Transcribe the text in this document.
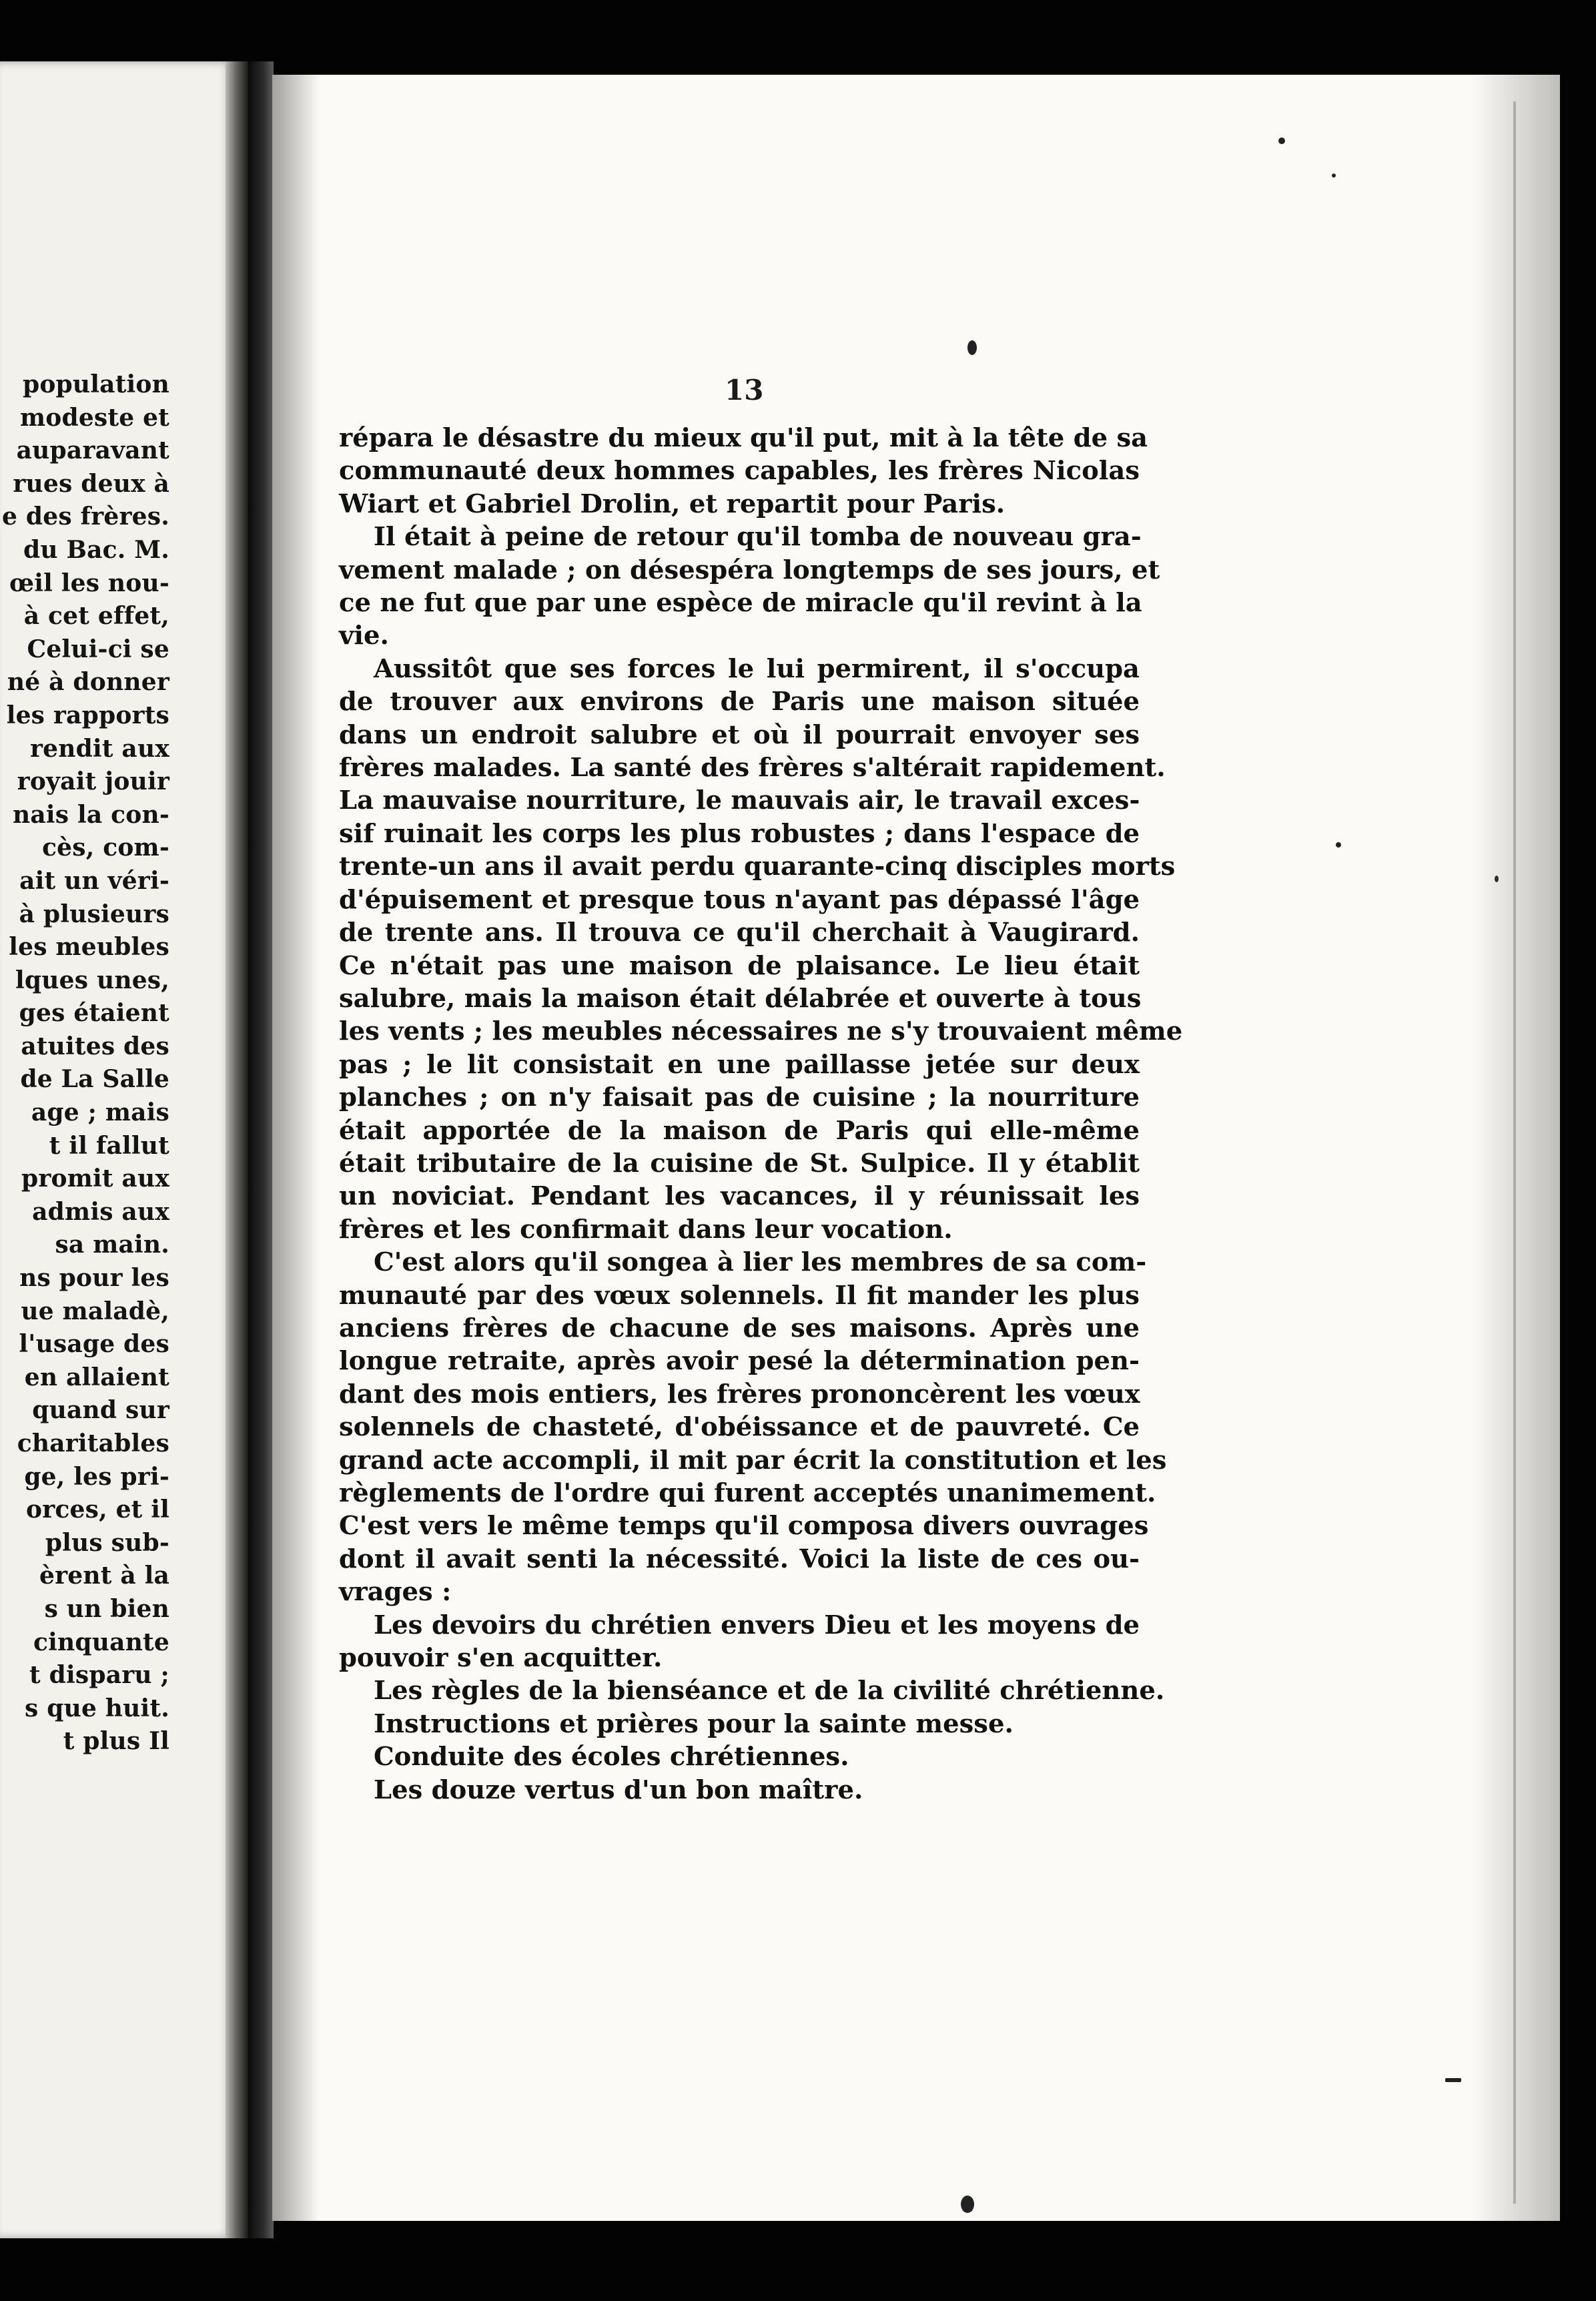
population
modeste et
auparavant
rues deux à
e des frères.
du Bac. M.
œil les nou-
à cet effet,
Celui-ci se
né à donner
les rapports
rendit aux
royait jouir
nais la con-
cès, com-
ait un véri-
à plusieurs
les meubles
lques unes,
ges étaient
atuites des
de La Salle
age ; mais
t il fallut
promit aux
admis aux
sa main.
ns pour les
ue maladè,
l'usage des
en allaient
quand sur
charitables
ge, les pri-
orces, et il
plus sub-
èrent à la
s un bien
cinquante
t disparu ;
s que huit.
t plus Il
13
répara le désastre du mieux qu'il put, mit à la tête de sa
communauté deux hommes capables, les frères Nicolas
Wiart et Gabriel Drolin, et repartit pour Paris.
Il était à peine de retour qu'il tomba de nouveau gra-
vement malade ; on désespéra longtemps de ses jours, et
ce ne fut que par une espèce de miracle qu'il revint à la
vie.
Aussitôt que ses forces le lui permirent, il s'occupa
de trouver aux environs de Paris une maison située
dans un endroit salubre et où il pourrait envoyer ses
frères malades. La santé des frères s'altérait rapidement.
La mauvaise nourriture, le mauvais air, le travail exces-
sif ruinait les corps les plus robustes ; dans l'espace de
trente-un ans il avait perdu quarante-cinq disciples morts
d'épuisement et presque tous n'ayant pas dépassé l'âge
de trente ans. Il trouva ce qu'il cherchait à Vaugirard.
Ce n'était pas une maison de plaisance. Le lieu était
salubre, mais la maison était délabrée et ouverte à tous
les vents ; les meubles nécessaires ne s'y trouvaient même
pas ; le lit consistait en une paillasse jetée sur deux
planches ; on n'y faisait pas de cuisine ; la nourriture
était apportée de la maison de Paris qui elle-même
était tributaire de la cuisine de St. Sulpice. Il y établit
un noviciat. Pendant les vacances, il y réunissait les
frères et les confirmait dans leur vocation.
C'est alors qu'il songea à lier les membres de sa com-
munauté par des vœux solennels. Il fit mander les plus
anciens frères de chacune de ses maisons. Après une
longue retraite, après avoir pesé la détermination pen-
dant des mois entiers, les frères prononcèrent les vœux
solennels de chasteté, d'obéissance et de pauvreté. Ce
grand acte accompli, il mit par écrit la constitution et les
règlements de l'ordre qui furent acceptés unanimement.
C'est vers le même temps qu'il composa divers ouvrages
dont il avait senti la nécessité. Voici la liste de ces ou-
vrages :
Les devoirs du chrétien envers Dieu et les moyens de
pouvoir s'en acquitter.
Les règles de la bienséance et de la civilité chrétienne.
Instructions et prières pour la sainte messe.
Conduite des écoles chrétiennes.
Les douze vertus d'un bon maître.
